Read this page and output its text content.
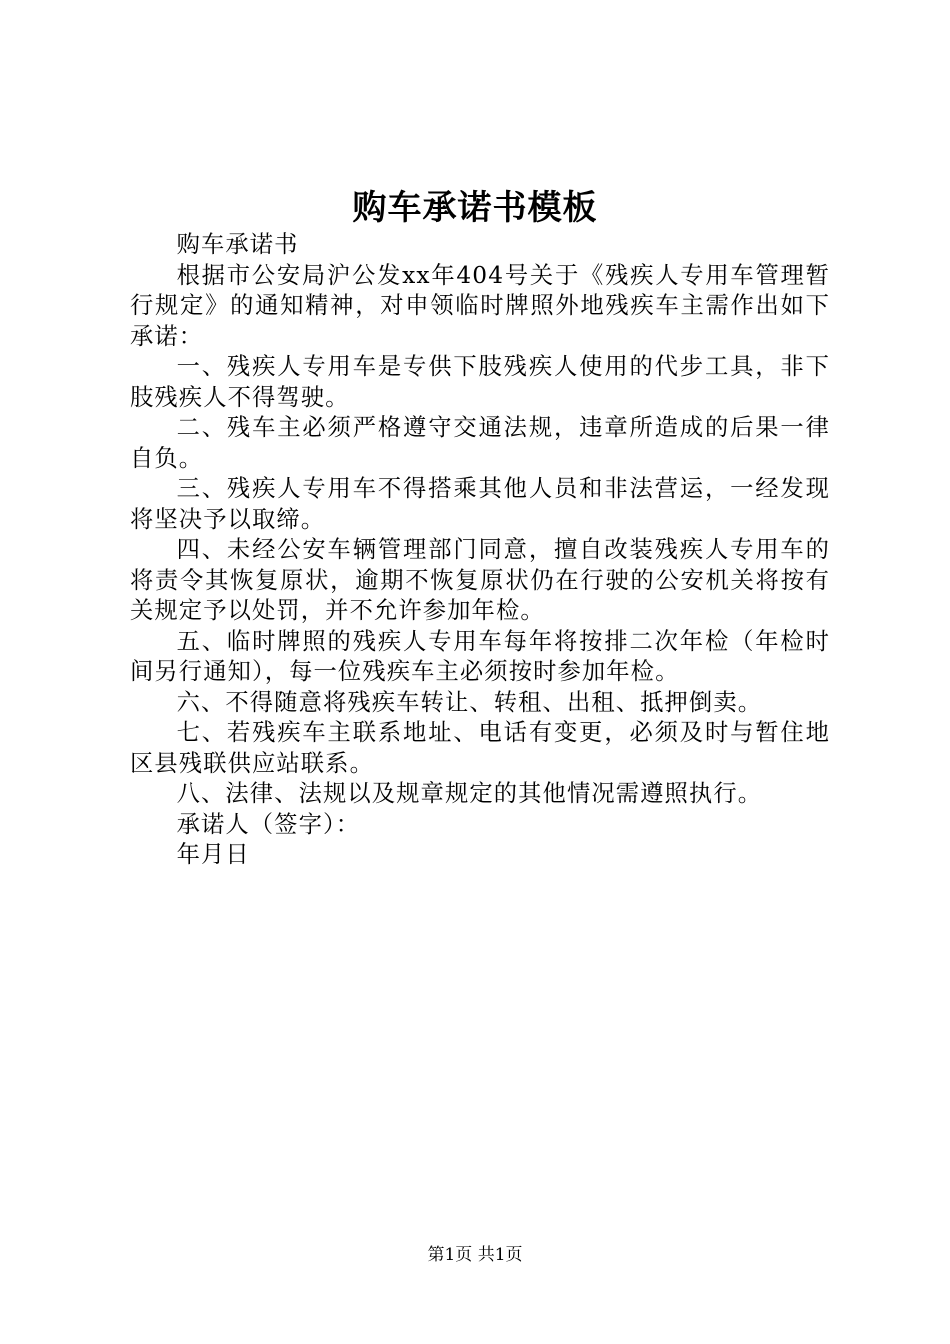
购车承诺书模板

购车承诺书

根据市公安局沪公发xx年404号关于《残疾人专用车管理暂行规定》的通知精神，对申领临时牌照外地残疾车主需作出如下承诺：

一、残疾人专用车是专供下肢残疾人使用的代步工具，非下肢残疾人不得驾驶。

二、残车主必须严格遵守交通法规，违章所造成的后果一律自负。

三、残疾人专用车不得搭乘其他人员和非法营运，一经发现将坚决予以取缔。

四、未经公安车辆管理部门同意，擅自改装残疾人专用车的将责令其恢复原状，逾期不恢复原状仍在行驶的公安机关将按有关规定予以处罚，并不允许参加年检。

五、临时牌照的残疾人专用车每年将按排二次年检（年检时间另行通知），每一位残疾车主必须按时参加年检。

六、不得随意将残疾车转让、转租、出租、抵押倒卖。

七、若残疾车主联系地址、电话有变更，必须及时与暂住地区县残联供应站联系。

八、法律、法规以及规章规定的其他情况需遵照执行。

承诺人（签字）：

年月日

第1页 共1页
